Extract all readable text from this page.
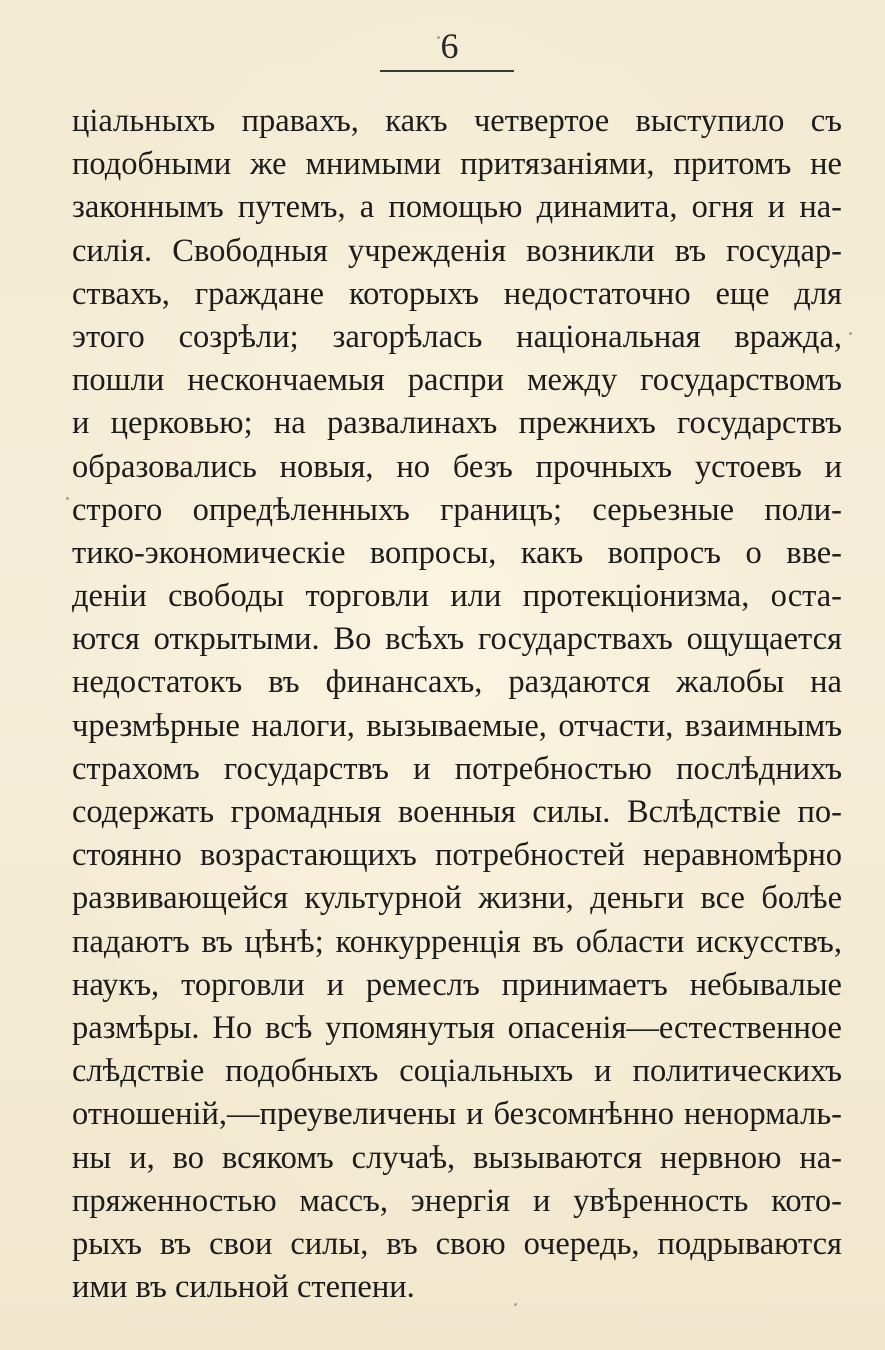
6
ціальныхъ правахъ, какъ четвертое выступило съ
подобными же мнимыми притязаніями, притомъ не
законнымъ путемъ, а помощью динамита, огня и на-
силія. Свободныя учрежденія возникли въ государ-
ствахъ, граждане которыхъ недостаточно еще для
этого созрѣли; загорѣлась національная вражда,
пошли нескончаемыя распри между государствомъ
и церковью; на развалинахъ прежнихъ государствъ
образовались новыя, но безъ прочныхъ устоевъ и
строго опредѣленныхъ границъ; серьезные поли-
тико-экономическіе вопросы, какъ вопросъ о вве-
деніи свободы торговли или протекціонизма, оста-
ются открытыми. Во всѣхъ государствахъ ощущается
недостатокъ въ финансахъ, раздаются жалобы на
чрезмѣрные налоги, вызываемые, отчасти, взаимнымъ
страхомъ государствъ и потребностью послѣднихъ
содержать громадныя военныя силы. Вслѣдствіе по-
стоянно возрастающихъ потребностей неравномѣрно
развивающейся культурной жизни, деньги все болѣе
падаютъ въ цѣнѣ; конкурренція въ области искусствъ,
наукъ, торговли и ремеслъ принимаетъ небывалые
размѣры. Но всѣ упомянутыя опасенія—естественное
слѣдствіе подобныхъ соціальныхъ и политическихъ
отношеній,—преувеличены и безсомнѣнно ненормаль-
ны и, во всякомъ случаѣ, вызываются нервною на-
пряженностью массъ, энергія и увѣренность кото-
рыхъ въ свои силы, въ свою очередь, подрываются
ими въ сильной степени.
